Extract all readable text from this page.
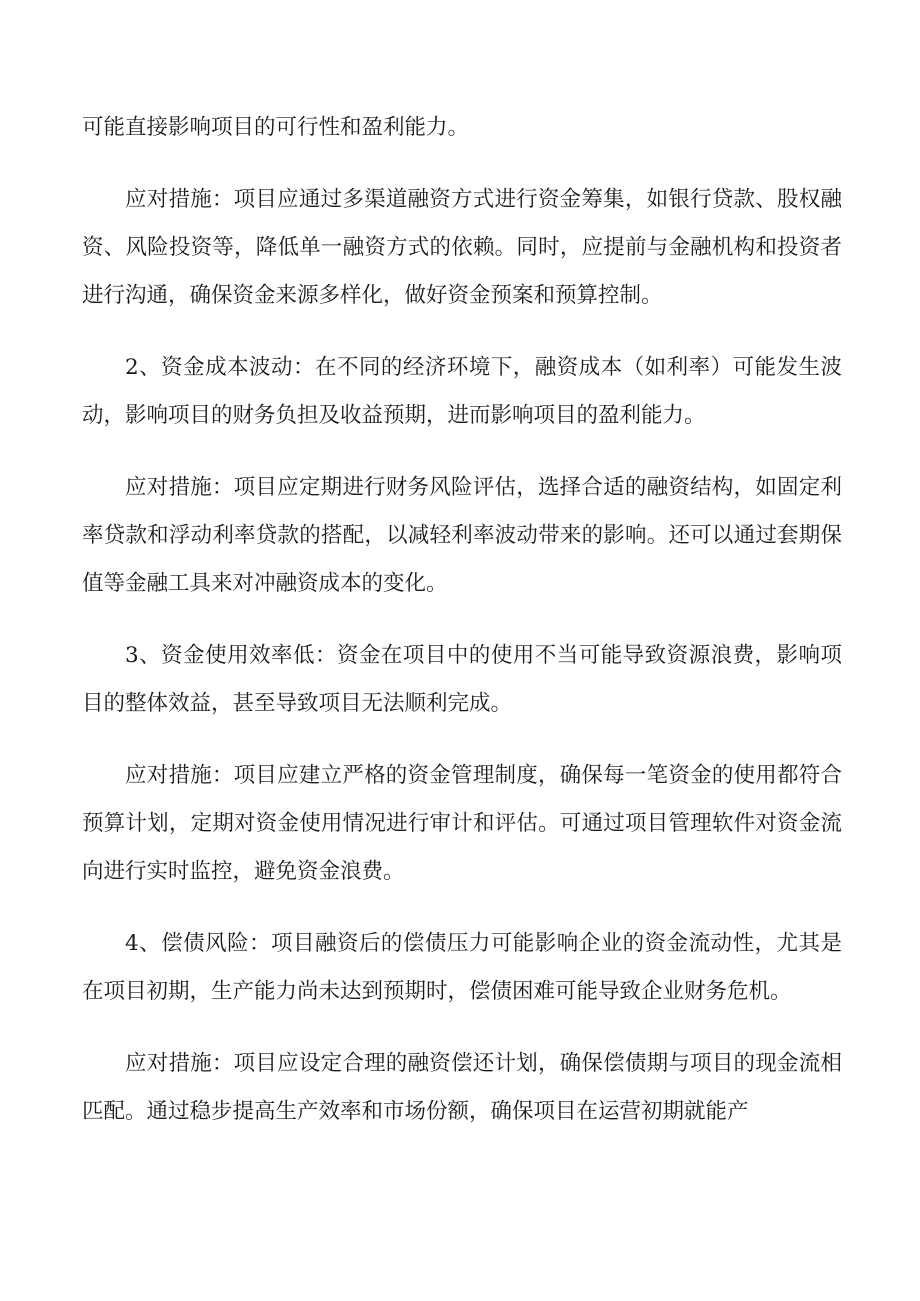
可能直接影响项目的可行性和盈利能力。

应对措施：项目应通过多渠道融资方式进行资金筹集，如银行贷款、股权融资、风险投资等，降低单一融资方式的依赖。同时，应提前与金融机构和投资者进行沟通，确保资金来源多样化，做好资金预案和预算控制。

2、资金成本波动：在不同的经济环境下，融资成本（如利率）可能发生波动，影响项目的财务负担及收益预期，进而影响项目的盈利能力。

应对措施：项目应定期进行财务风险评估，选择合适的融资结构，如固定利率贷款和浮动利率贷款的搭配，以减轻利率波动带来的影响。还可以通过套期保值等金融工具来对冲融资成本的变化。

3、资金使用效率低：资金在项目中的使用不当可能导致资源浪费，影响项目的整体效益，甚至导致项目无法顺利完成。

应对措施：项目应建立严格的资金管理制度，确保每一笔资金的使用都符合预算计划，定期对资金使用情况进行审计和评估。可通过项目管理软件对资金流向进行实时监控，避免资金浪费。

4、偿债风险：项目融资后的偿债压力可能影响企业的资金流动性，尤其是在项目初期，生产能力尚未达到预期时，偿债困难可能导致企业财务危机。

应对措施：项目应设定合理的融资偿还计划，确保偿债期与项目的现金流相匹配。通过稳步提高生产效率和市场份额，确保项目在运营初期就能产
